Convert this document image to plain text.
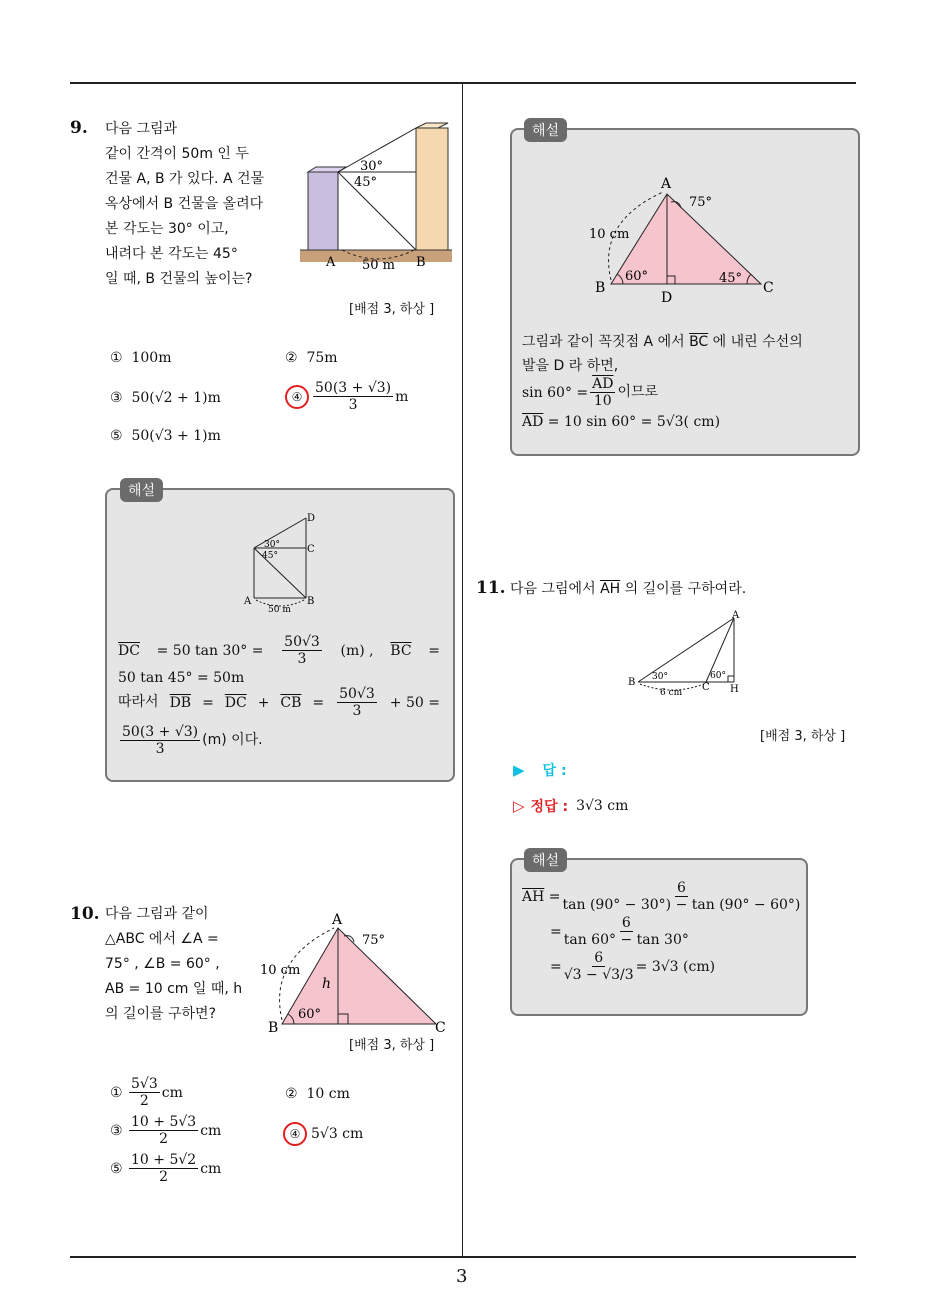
3
9. 다음 그림과
같이 간격이 50m 인 두
건물 A, B 가 있다. A 건물
옥상에서 B 건물을 올려다
본 각도는 30° 이고,
내려다 본 각도는 45°
일 때, B 건물의 높이는?
30°
45°
A	B
50 m
[배점 3, 하상 ]
① 100m	② 75m
③ 50(√2 + 1)m	④ $\frac{50(3 + √3)}{3}$ m
⑤ 50(√3 + 1)m
해설
D
C
A	B
30°
45°
50 m
$\overline{DC} = 50$ $\tan 30^\circ = \frac{50√3}{3} (m)$ , $\overline{BC}$ =
50 tan 45° = 50m
따라서 $\overline{DB} = \overline{DC} + \overline{CB} = \frac{50√3}{3} + 50$ =
$\frac{50(3 + √3)}{3} (m)$ 이다.
10. 다음 그림과 같이
△ABC 에서 ∠A =
75° , ∠B = 60° ,
AB = 10 cm 일 때, h
의 길이를 구하면?
A
B	C
h
75°
60°
10 cm
[배점 3, 하상 ]
①
$\frac{5√3}{2}$ cm	② 10 cm
③
$\frac{10 + 5√3}{2}$ cm	④ 5√3 cm
⑤
$\frac{10 + 5√2}{2}$ cm
해설
A
B	C
D
75°
60°	45°
10 cm
그림과 같이 꼭짓점 A 에서 $\overline{BC}$ 에 내린 수선의
발을 D 라 하면,
$\sin 60^\circ = \frac{\overline{AD}}{10}$ 이므로
$\overline{AD} = 10$ sin 60° = 5√3( cm)
11. 다음 그림에서 $\overline{AH}$ 의 길이를 구하여라.
A
B	C H
30°	60°
6 cm
[배점 3, 하상 ]
▶ 답 :
▷ 정답 : 3√3 cm
해설
$\overline{AH} = \frac{6}{\tan (90^\circ - 30^\circ) - \tan (90^\circ - 60^\circ)}$
= $\frac{6}{\tan 60^\circ - \tan 30^\circ}$
= $\frac{6}{√3 - √3/3} = 3√3$ (cm)
